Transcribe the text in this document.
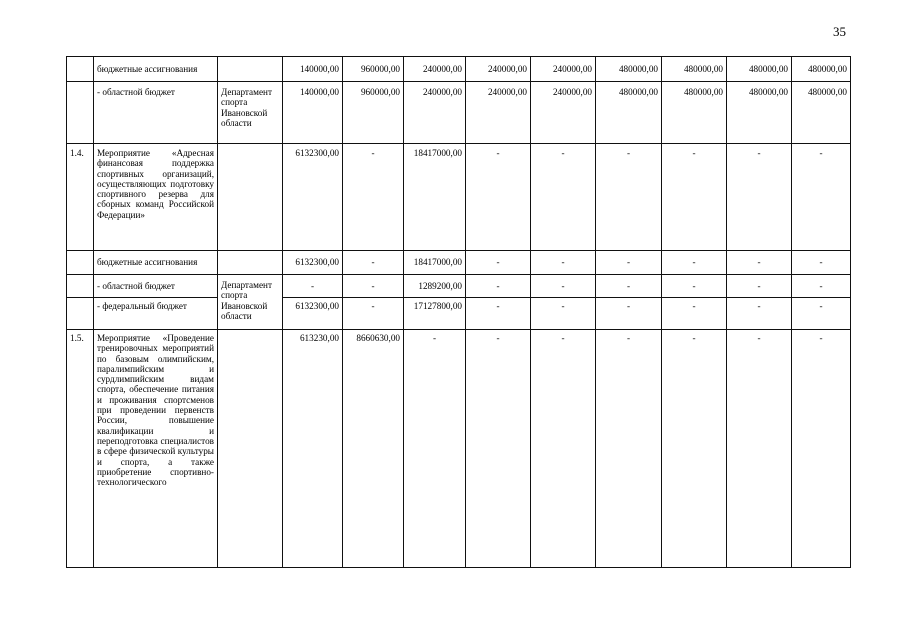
35
	бюджетные ассигнования		140000,00	960000,00	240000,00	240000,00	240000,00	480000,00	480000,00	480000,00	480000,00
	- областной бюджет	Департамент спорта Ивановской области	140000,00	960000,00	240000,00	240000,00	240000,00	480000,00	480000,00	480000,00	480000,00
1.4.	Мероприятие «Адресная финансовая поддержка спортивных организаций, осуществляющих подготовку спортивного резерва для сборных команд Российской Федерации»		6132300,00	-	18417000,00	-	-	-	-	-	-
	бюджетные ассигнования		6132300,00	-	18417000,00	-	-	-	-	-	-
	- областной бюджет	Департамент спорта Ивановской области	-	-	1289200,00	-	-	-	-	-	-
	- федеральный бюджет		6132300,00	-	17127800,00	-	-	-	-	-	-
1.5.	Мероприятие «Проведение тренировочных мероприятий по базовым олимпийским, паралимпийским и сурдлимпийским видам спорта, обеспечение питания и проживания спортсменов при проведении первенств России, повышение квалификации и переподготовка специалистов в сфере физической культуры и спорта, а также приобретение спортивно-технологического		613230,00	8660630,00	-	-	-	-	-	-	-
